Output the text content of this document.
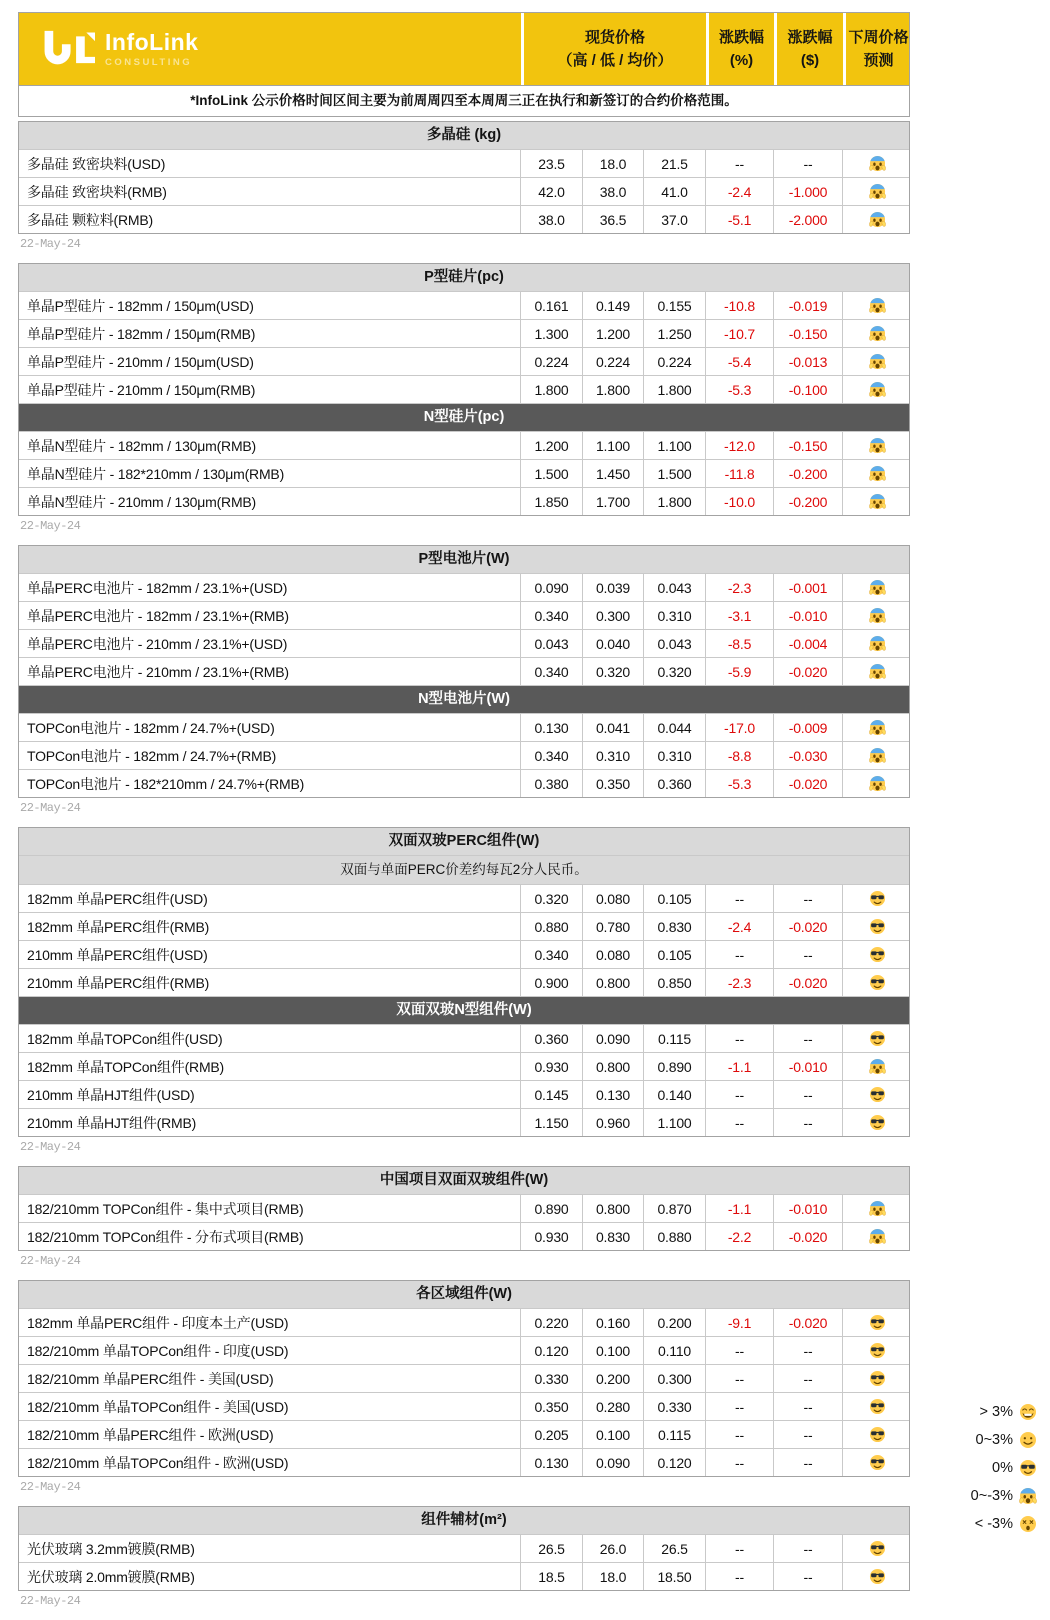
InfoLink
CONSULTING
现货价格
（高 / 低 / 均价）
涨跌幅
(%)
涨跌幅
($)
下周价格
预测
*InfoLink 公示价格时间区间主要为前周周四至本周周三正在执行和新签订的合约价格范围。
多晶硅 (kg)
多晶硅 致密块料(USD)	23.5	18.0	21.5	--	--
多晶硅 致密块料(RMB)	42.0	38.0	41.0	-2.4	-1.000
多晶硅 颗粒料(RMB)	38.0	36.5	37.0	-5.1	-2.000
22-May-24
P型硅片(pc)
单晶P型硅片 - 182mm / 150μm(USD)	0.161	0.149	0.155	-10.8	-0.019
单晶P型硅片 - 182mm / 150μm(RMB)	1.300	1.200	1.250	-10.7	-0.150
单晶P型硅片 - 210mm / 150μm(USD)	0.224	0.224	0.224	-5.4	-0.013
单晶P型硅片 - 210mm / 150μm(RMB)	1.800	1.800	1.800	-5.3	-0.100
N型硅片(pc)
单晶N型硅片 - 182mm / 130μm(RMB)	1.200	1.100	1.100	-12.0	-0.150
单晶N型硅片 - 182*210mm / 130μm(RMB)	1.500	1.450	1.500	-11.8	-0.200
单晶N型硅片 - 210mm / 130μm(RMB)	1.850	1.700	1.800	-10.0	-0.200
22-May-24
P型电池片(W)
单晶PERC电池片 - 182mm / 23.1%+(USD)	0.090	0.039	0.043	-2.3	-0.001
单晶PERC电池片 - 182mm / 23.1%+(RMB)	0.340	0.300	0.310	-3.1	-0.010
单晶PERC电池片 - 210mm / 23.1%+(USD)	0.043	0.040	0.043	-8.5	-0.004
单晶PERC电池片 - 210mm / 23.1%+(RMB)	0.340	0.320	0.320	-5.9	-0.020
N型电池片(W)
TOPCon电池片 - 182mm / 24.7%+(USD)	0.130	0.041	0.044	-17.0	-0.009
TOPCon电池片 - 182mm / 24.7%+(RMB)	0.340	0.310	0.310	-8.8	-0.030
TOPCon电池片 - 182*210mm / 24.7%+(RMB)	0.380	0.350	0.360	-5.3	-0.020
22-May-24
双面双玻PERC组件(W)
双面与单面PERC价差约每瓦2分人民币。
182mm 单晶PERC组件(USD)	0.320	0.080	0.105	--	--
182mm 单晶PERC组件(RMB)	0.880	0.780	0.830	-2.4	-0.020
210mm 单晶PERC组件(USD)	0.340	0.080	0.105	--	--
210mm 单晶PERC组件(RMB)	0.900	0.800	0.850	-2.3	-0.020
双面双玻N型组件(W)
182mm 单晶TOPCon组件(USD)	0.360	0.090	0.115	--	--
182mm 单晶TOPCon组件(RMB)	0.930	0.800	0.890	-1.1	-0.010
210mm 单晶HJT组件(USD)	0.145	0.130	0.140	--	--
210mm 单晶HJT组件(RMB)	1.150	0.960	1.100	--	--
22-May-24
中国项目双面双玻组件(W)
182/210mm TOPCon组件 - 集中式项目(RMB)	0.890	0.800	0.870	-1.1	-0.010
182/210mm TOPCon组件 - 分布式项目(RMB)	0.930	0.830	0.880	-2.2	-0.020
22-May-24
各区域组件(W)
182mm 单晶PERC组件 - 印度本土产(USD)	0.220	0.160	0.200	-9.1	-0.020
182/210mm 单晶TOPCon组件 - 印度(USD)	0.120	0.100	0.110	--	--
182/210mm 单晶PERC组件 - 美国(USD)	0.330	0.200	0.300	--	--
182/210mm 单晶TOPCon组件 - 美国(USD)	0.350	0.280	0.330	--	--
182/210mm 单晶PERC组件 - 欧洲(USD)	0.205	0.100	0.115	--	--
182/210mm 单晶TOPCon组件 - 欧洲(USD)	0.130	0.090	0.120	--	--
22-May-24
组件辅材(m²)
光伏玻璃 3.2mm镀膜(RMB)	26.5	26.0	26.5	--	--
光伏玻璃 2.0mm镀膜(RMB)	18.5	18.0	18.50	--	--
22-May-24
> 3%
0~3%
0%
0~-3%
< -3%
